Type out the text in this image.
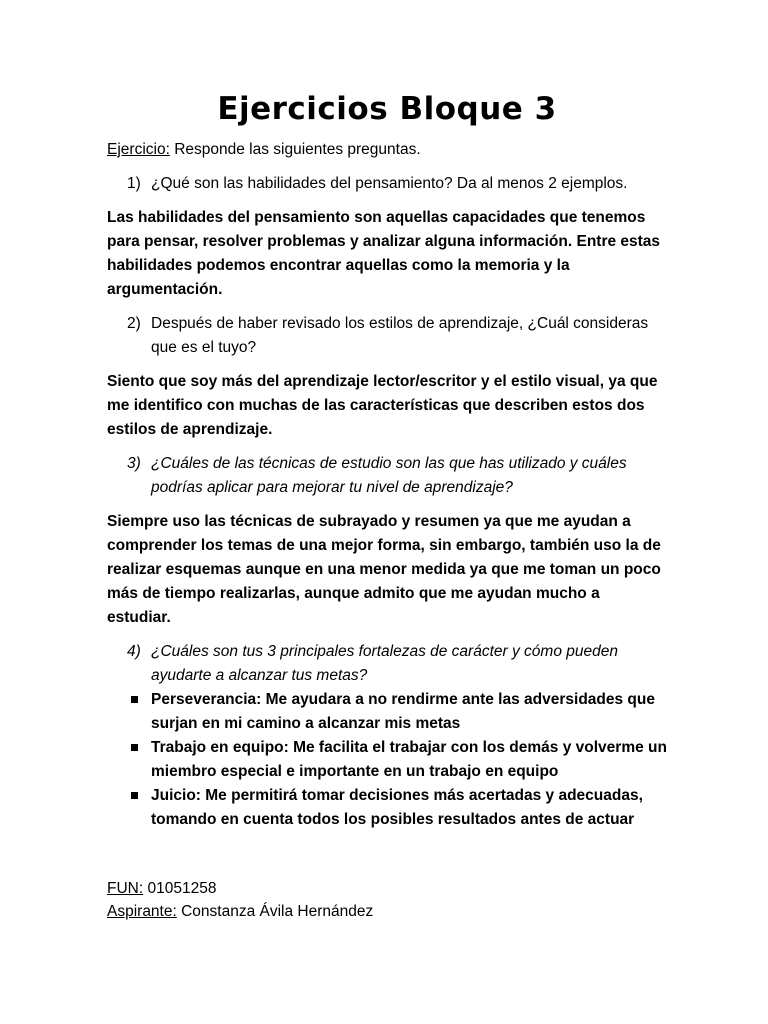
Ejercicios Bloque 3
Ejercicio: Responde las siguientes preguntas.
1) ¿Qué son las habilidades del pensamiento? Da al menos 2 ejemplos.
Las habilidades del pensamiento son aquellas capacidades que tenemos para pensar, resolver problemas y analizar alguna información. Entre estas habilidades podemos encontrar aquellas como la memoria y la argumentación.
2) Después de haber revisado los estilos de aprendizaje, ¿Cuál consideras que es el tuyo?
Siento que soy más del aprendizaje lector/escritor y el estilo visual, ya que me identifico con muchas de las características que describen estos dos estilos de aprendizaje.
3) ¿Cuáles de las técnicas de estudio son las que has utilizado y cuáles podrías aplicar para mejorar tu nivel de aprendizaje?
Siempre uso las técnicas de subrayado y resumen ya que me ayudan a comprender los temas de una mejor forma, sin embargo, también uso la de realizar esquemas aunque en una menor medida ya que me toman un poco más de tiempo realizarlas, aunque admito que me ayudan mucho a estudiar.
4) ¿Cuáles son tus 3 principales fortalezas de carácter y cómo pueden ayudarte a alcanzar tus metas?
Perseverancia: Me ayudara a no rendirme ante las adversidades que surjan en mi camino a alcanzar mis metas
Trabajo en equipo: Me facilita el trabajar con los demás y volverme un miembro especial e importante en un trabajo en equipo
Juicio: Me permitirá tomar decisiones más acertadas y adecuadas, tomando en cuenta todos los posibles resultados antes de actuar
FUN: 01051258
Aspirante: Constanza Ávila Hernández
